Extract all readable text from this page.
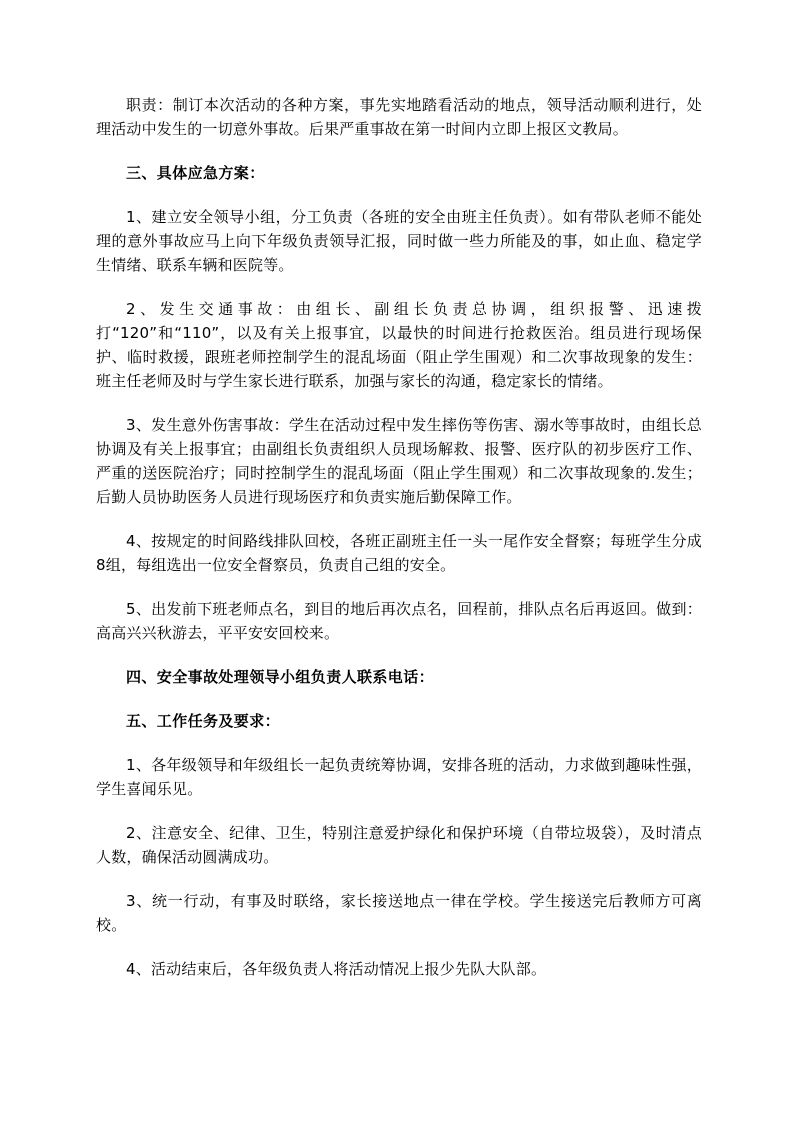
职责：制订本次活动的各种方案，事先实地踏看活动的地点，领导活动顺利进行，处理活动中发生的一切意外事故。后果严重事故在第一时间内立即上报区文教局。

三、具体应急方案：

1、建立安全领导小组，分工负责（各班的安全由班主任负责）。如有带队老师不能处理的意外事故应马上向下年级负责领导汇报，同时做一些力所能及的事，如止血、稳定学生情绪、联系车辆和医院等。

2、发生交通事故：由组长、副组长负责总协调，组织报警、迅速拨打“120”和“110”，以及有关上报事宜，以最快的时间进行抢救医治。组员进行现场保护、临时救援，跟班老师控制学生的混乱场面（阻止学生围观）和二次事故现象的发生：班主任老师及时与学生家长进行联系，加强与家长的沟通，稳定家长的情绪。

3、发生意外伤害事故：学生在活动过程中发生摔伤等伤害、溺水等事故时，由组长总协调及有关上报事宜；由副组长负责组织人员现场解救、报警、医疗队的初步医疗工作、严重的送医院治疗；同时控制学生的混乱场面（阻止学生围观）和二次事故现象的.发生；后勤人员协助医务人员进行现场医疗和负责实施后勤保障工作。

4、按规定的时间路线排队回校，各班正副班主任一头一尾作安全督察；每班学生分成8组，每组选出一位安全督察员，负责自己组的安全。

5、出发前下班老师点名，到目的地后再次点名，回程前，排队点名后再返回。做到：高高兴兴秋游去，平平安安回校来。

四、安全事故处理领导小组负责人联系电话：

五、工作任务及要求：

1、各年级领导和年级组长一起负责统筹协调，安排各班的活动，力求做到趣味性强，学生喜闻乐见。

2、注意安全、纪律、卫生，特别注意爱护绿化和保护环境（自带垃圾袋），及时清点人数，确保活动圆满成功。

3、统一行动，有事及时联络，家长接送地点一律在学校。学生接送完后教师方可离校。

4、活动结束后，各年级负责人将活动情况上报少先队大队部。
